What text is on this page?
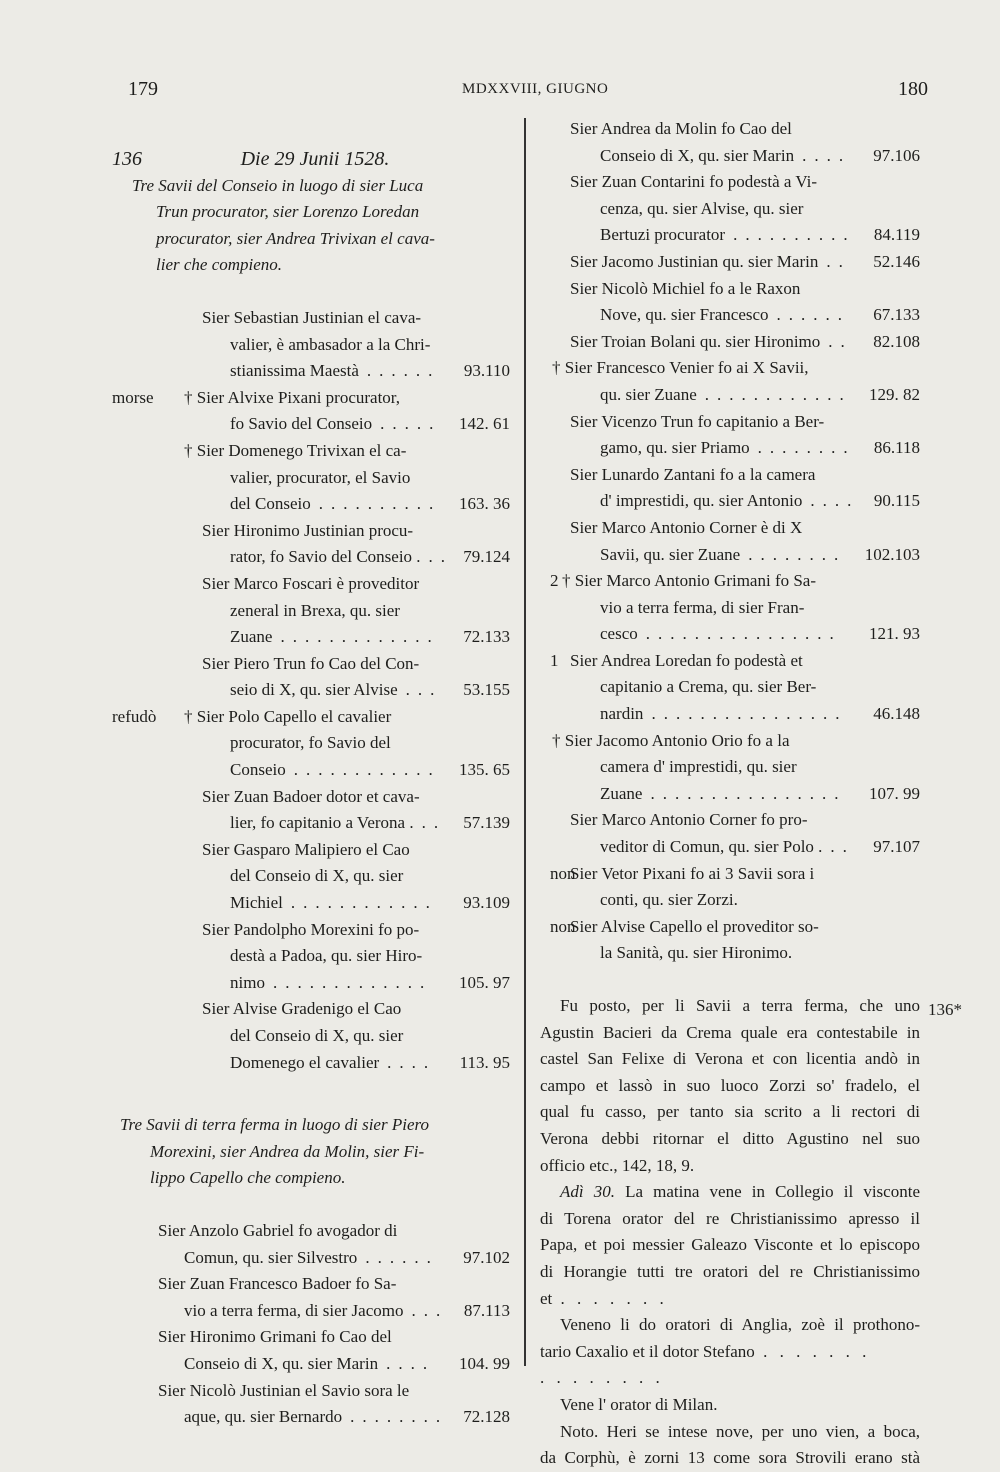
179	MDXXVIII, GIUGNO	180
136	Die 29 Junii 1528.
Tre Savii del Conseio in luogo di sier Luca
Trun procurator, sier Lorenzo Loredan
procurator, sier Andrea Trivixan el cava-
lier che compieno.
Sier Sebastian Justinian el cava-
valier, è ambasador a la Chri-
stianissima Maestà	93.110
......
morse † Sier Alvixe Pixani procurator,
fo Savio del Conseio	142. 61
.....
† Sier Domenego Trivixan el ca-
valier, procurator, el Savio
del Conseio	163. 36
..........
Sier Hironimo Justinian procu-
rator, fo Savio del Conseio .	79.124
..
Sier Marco Foscari è proveditor
zeneral in Brexa, qu. sier
Zuane	72.133
.............
Sier Piero Trun fo Cao del Con-
seio di X, qu. sier Alvise	53.155
...
refudò † Sier Polo Capello el cavalier
procurator, fo Savio del
Conseio	135. 65
............
Sier Zuan Badoer dotor et cava-
lier, fo capitanio a Verona .	57.139
..
Sier Gasparo Malipiero el Cao
del Conseio di X, qu. sier
Michiel	93.109
............
Sier Pandolpho Morexini fo po-
destà a Padoa, qu. sier Hiro-
nimo	105. 97
.............
Sier Alvise Gradenigo el Cao
del Conseio di X, qu. sier
Domenego el cavalier	113. 95
....
Tre Savii di terra ferma in luogo di sier Piero
Morexini, sier Andrea da Molin, sier Fi-
lippo Capello che compieno.
Sier Anzolo Gabriel fo avogador di
Comun, qu. sier Silvestro	97.102
......
Sier Zuan Francesco Badoer fo Sa-
vio a terra ferma, di sier Jacomo	87.113
...
Sier Hironimo Grimani fo Cao del
Conseio di X, qu. sier Marin	104. 99
....
Sier Nicolò Justinian el Savio sora le
aque, qu. sier Bernardo	72.128
........
Sier Andrea da Molin fo Cao del
Conseio di X, qu. sier Marin	97.106
....
Sier Zuan Contarini fo podestà a Vi-
cenza, qu. sier Alvise, qu. sier
Bertuzi procurator	84.119
..........
Sier Jacomo Justinian qu. sier Marin	52.146
..
Sier Nicolò Michiel fo a le Raxon
Nove, qu. sier Francesco	67.133
......
Sier Troian Bolani qu. sier Hironimo	82.108
..
† Sier Francesco Venier fo ai X Savii,
qu. sier Zuane	129. 82
............
Sier Vicenzo Trun fo capitanio a Ber-
gamo, qu. sier Priamo	86.118
........
Sier Lunardo Zantani fo a la camera
d' imprestidi, qu. sier Antonio	90.115
....
Sier Marco Antonio Corner è di X
Savii, qu. sier Zuane	102.103
........
2 † Sier Marco Antonio Grimani fo Sa-
vio a terra ferma, di sier Fran-
cesco	121. 93
................
1 Sier Andrea Loredan fo podestà et
capitanio a Crema, qu. sier Ber-
nardin	46.148
................
† Sier Jacomo Antonio Orio fo a la
camera d' imprestidi, qu. sier
Zuane	107. 99
................
Sier Marco Antonio Corner fo pro-
veditor di Comun, qu. sier Polo .	97.107
..
non
Sier Vetor Pixani fo ai 3 Savii sora i
conti, qu. sier Zorzi.
non
Sier Alvise Capello el proveditor so-
la Sanità, qu. sier Hironimo.
Fu posto, per li Savii a terra ferma, che uno
Agustin Bacieri da Crema quale era contestabile in
castel San Felixe di Verona et con licentia andò in
campo et lassò in suo luoco Zorzi so' fradelo, el
qual fu casso, per tanto sia scrito a li rectori di
Verona debbi ritornar el ditto Agustino nel suo
officio etc., 142, 18, 9.
Adì 30. La matina vene in Collegio il visconte
di Torena orator del re Christianissimo apresso il
Papa, et poi messier Galeazo Visconte et lo episcopo
di Horangie tutti tre oratori del re Christianissimo
et . . . . . . .
Veneno li do oratori di Anglia, zoè il prothono-
tario Caxalio et il dotor Stefano . . . . . . .
. . . . . . . .
Vene l' orator di Milan.
Noto. Heri se intese nove, per uno vien, a boca,
da Corphù, è zorni 13 come sora Strovili erano stà
136*
